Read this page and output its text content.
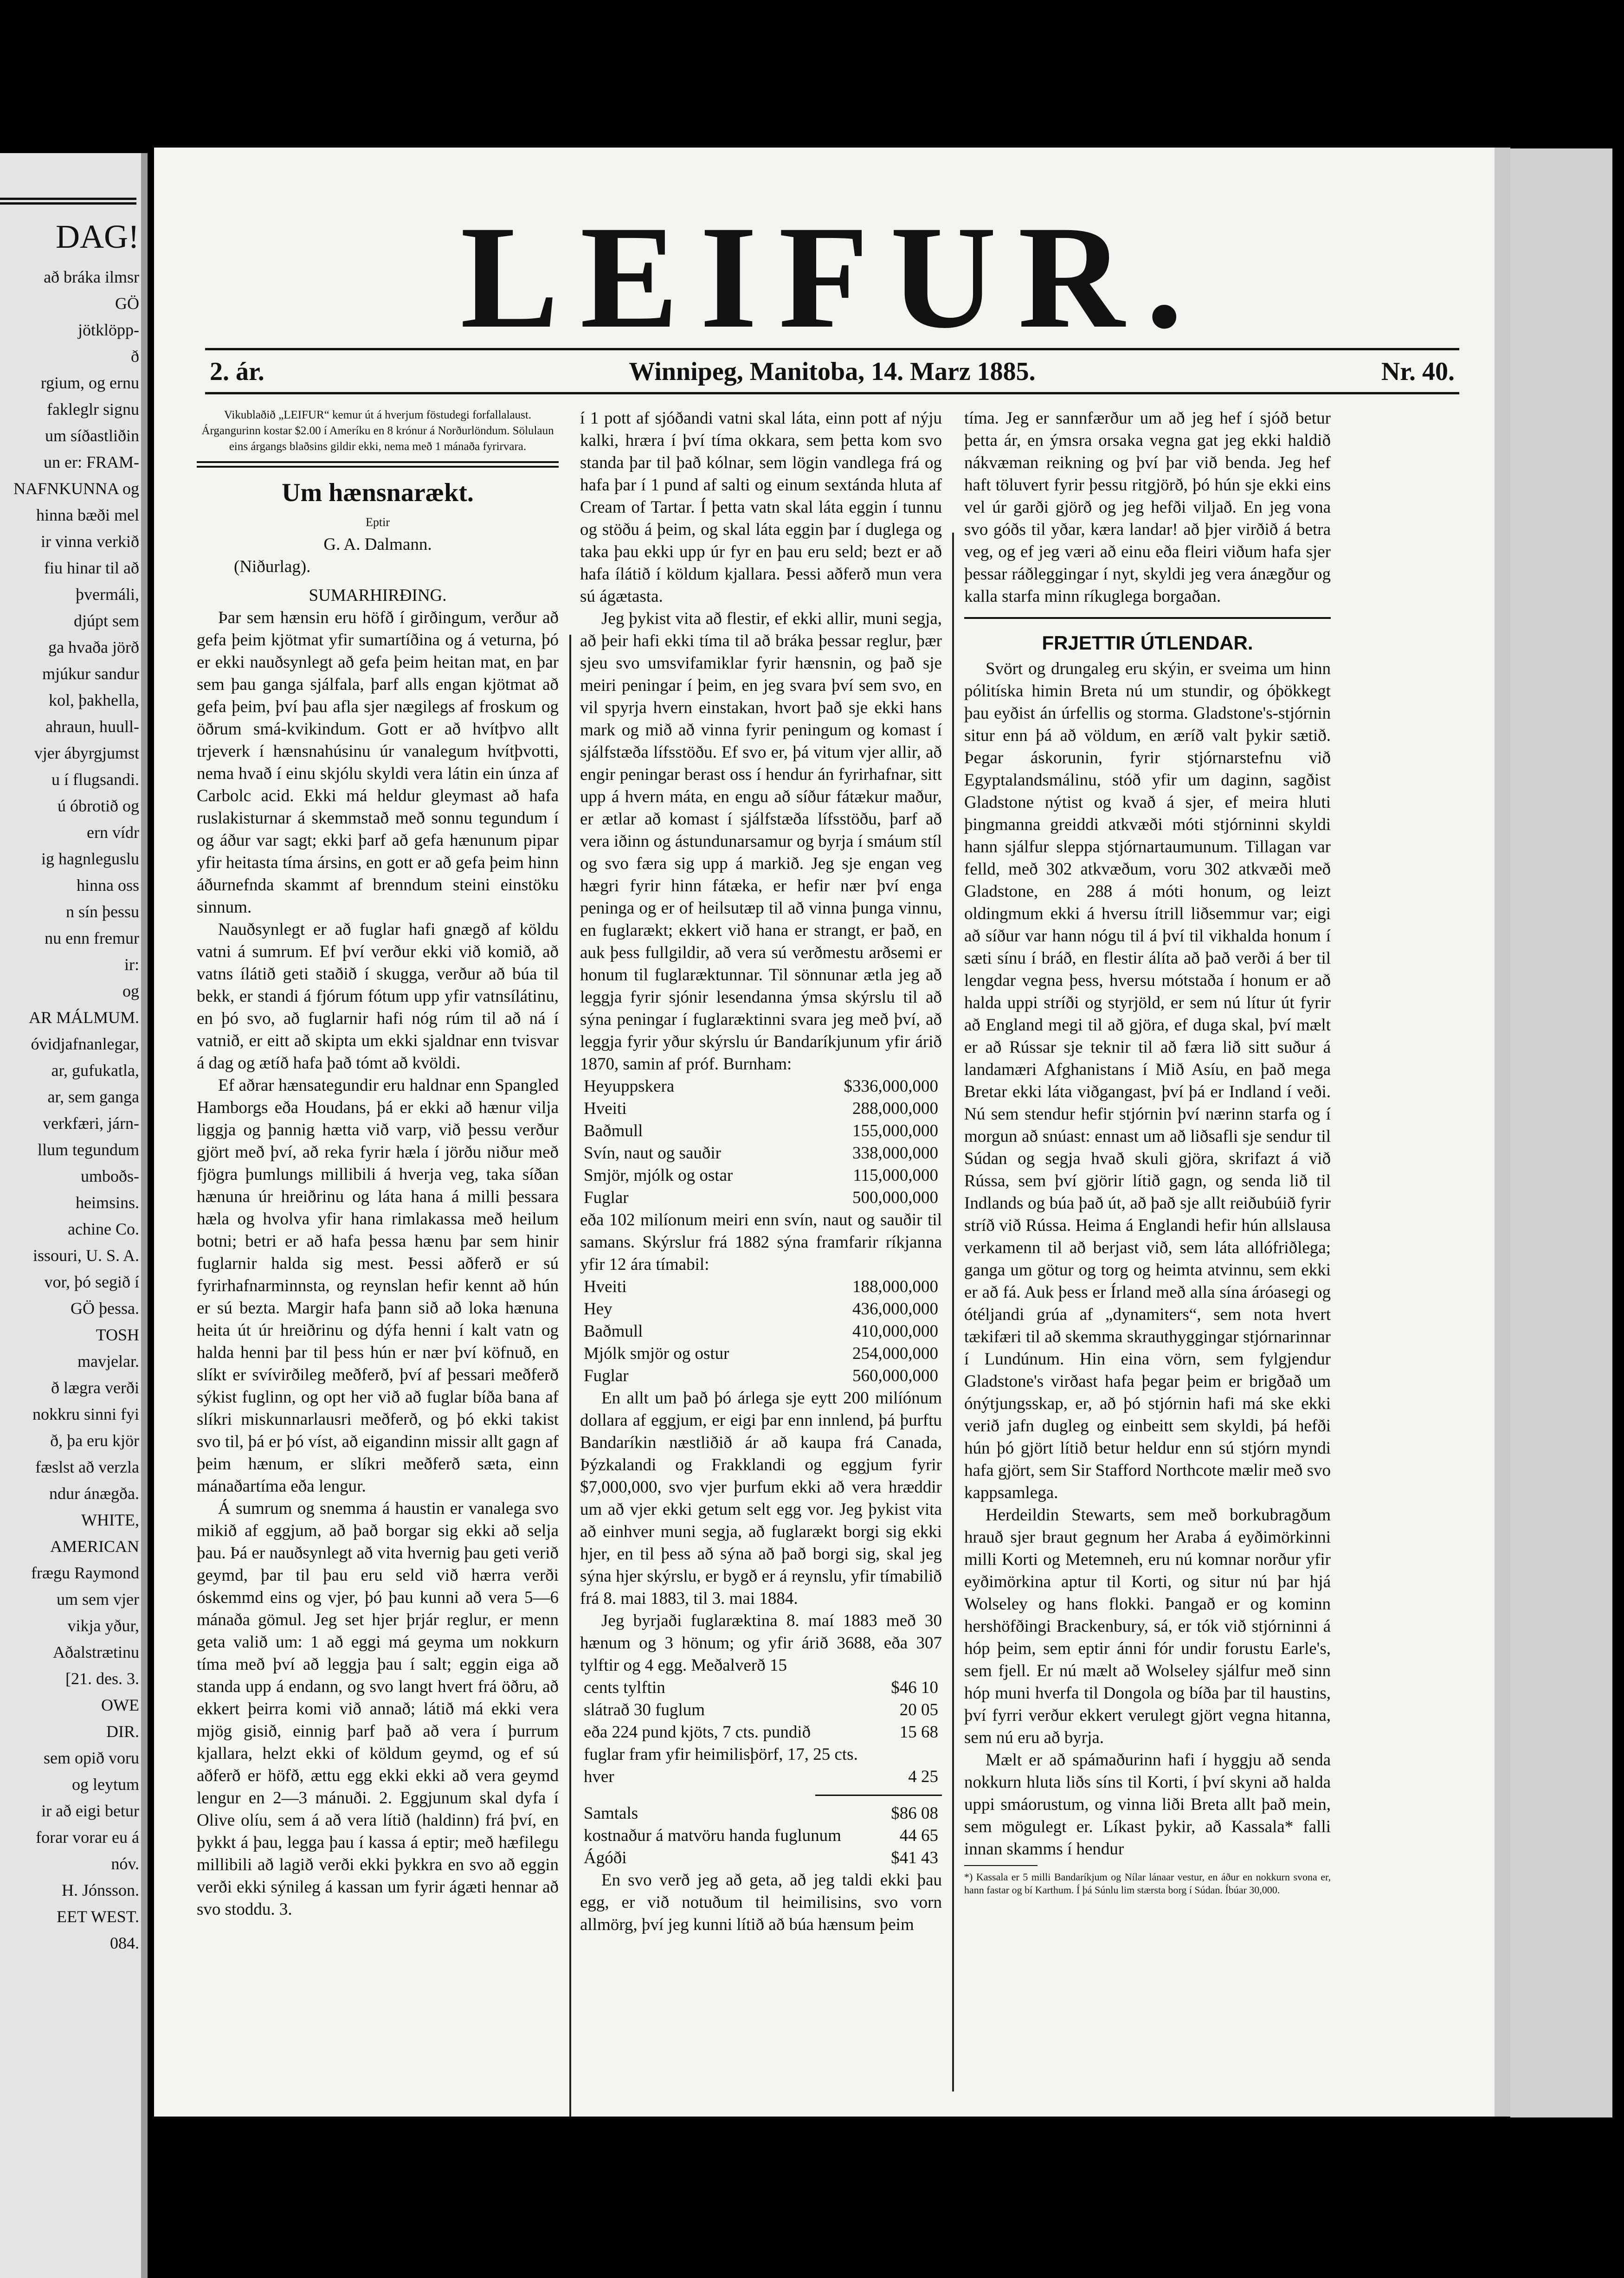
DAG!
að bráka ilmsr
GÖ
jötklöpp-
ð
rgium, og ernu
fakleglr signu
um síðastliðin
un er: FRAM-
NAFNKUNNA og
hinna bæði mel
ir vinna verkið
fiu hinar til að
þvermáli,
djúpt sem
ga hvaða jörð
mjúkur sandur
kol, þakhella,
ahraun, huull-
vjer ábyrgjumst
u í flugsandi.
ú óbrotið og
ern vídr
ig hagnleguslu
hinna oss
n sín þessu
nu enn fremur
ir:
og
AR MÁLMUM.
óvidjafnanlegar,
ar, gufukatla,
ar, sem ganga
verkfæri, járn-
llum tegundum
umboðs-
heimsins.
achine Co.
issouri, U. S. A.
vor, þó segið í
GÖ þessa.
TOSH
mavjelar.
ð lægra verði
nokkru sinni fyi
ð, þa eru kjör
fæslst að verzla
ndur ánægða.
WHITE,
AMERICAN
frægu Raymond
um sem vjer
vikja yður,
Aðalstrætinu
[21. des. 3.
OWE
DIR.
sem opið voru
og leytum
ir að eigi betur
forar vorar eu á
nóv.
H. Jónsson.
EET WEST.
084.
LEIFUR.
2. ár.	Winnipeg, Manitoba, 14. Marz 1885.	Nr. 40.

Vikublaðið „LEIFUR“ kemur út á hverjum föstudegi forfallalaust. Árgangurinn kostar $2.00 í Ameríku en 8 krónur á Norðurlöndum. Sölulaun eins árgangs blaðsins gildir ekki, nema með 1 mánaða fyrirvara.

Um hænsnarækt.

Eptir

G. A. Dalmann.

(Niðurlag).

SUMARHIRÐING.

Þar sem hænsin eru höfð í girðingum, verður að gefa þeim kjötmat yfir sumartíðina og á veturna, þó er ekki nauðsynlegt að gefa þeim heitan mat, en þar sem þau ganga sjálfala, þarf alls engan kjötmat að gefa þeim, því þau afla sjer nægilegs af froskum og öðrum smá-kvikindum. Gott er að hvítþvo allt trjeverk í hænsnahúsinu úr vanalegum hvítþvotti, nema hvað í einu skjólu skyldi vera látin ein únza af Carbolc acid. Ekki má heldur gleymast að hafa ruslakisturnar á skemmstað með sonnu tegundum í og áður var sagt; ekki þarf að gefa hænunum pipar yfir heitasta tíma ársins, en gott er að gefa þeim hinn áðurnefnda skammt af brenndum steini einstöku sinnum.

Nauðsynlegt er að fuglar hafi gnægð af köldu vatni á sumrum. Ef því verður ekki við komið, að vatns ílátið geti staðið í skugga, verður að búa til bekk, er standi á fjórum fótum upp yfir vatnsílátinu, en þó svo, að fuglarnir hafi nóg rúm til að ná í vatnið, er eitt að skipta um ekki sjaldnar enn tvisvar á dag og ætíð hafa það tómt að kvöldi.

Ef aðrar hænsategundir eru haldnar enn Spangled Hamborgs eða Houdans, þá er ekki að hænur vilja liggja og þannig hætta við varp, við þessu verður gjört með því, að reka fyrir hæla í jörðu niður með fjögra þumlungs millibili á hverja veg, taka síðan hænuna úr hreiðrinu og láta hana á milli þessara hæla og hvolva yfir hana rimlakassa með heilum botni; betri er að hafa þessa hænu þar sem hinir fuglarnir halda sig mest. Þessi aðferð er sú fyrirhafnarminnsta, og reynslan hefir kennt að hún er sú bezta. Margir hafa þann sið að loka hænuna heita út úr hreiðrinu og dýfa henni í kalt vatn og halda henni þar til þess hún er nær því köfnuð, en slíkt er svívirðileg meðferð, því af þessari meðferð sýkist fuglinn, og opt her við að fuglar bíða bana af slíkri miskunnarlausri meðferð, og þó ekki takist svo til, þá er þó víst, að eigandinn missir allt gagn af þeim hænum, er slíkri meðferð sæta, einn mánaðartíma eða lengur.

Á sumrum og snemma á haustin er vanalega svo mikið af eggjum, að það borgar sig ekki að selja þau. Þá er nauðsynlegt að vita hvernig þau geti verið geymd, þar til þau eru seld við hærra verði óskemmd eins og vjer, þó þau kunni að vera 5—6 mánaða gömul. Jeg set hjer þrjár reglur, er menn geta valið um: 1 að eggi má geyma um nokkurn tíma með því að leggja þau í salt; eggin eiga að standa upp á endann, og svo langt hvert frá öðru, að ekkert þeirra komi við annað; látið má ekki vera mjög gisið, einnig þarf það að vera í þurrum kjallara, helzt ekki of köldum geymd, og ef sú aðferð er höfð, ættu egg ekki ekki að vera geymd lengur en 2—3 mánuði. 2. Eggjunum skal dyfa í Olive olíu, sem á að vera lítið (haldinn) frá því, en þykkt á þau, legga þau í kassa á eptir; með hæfilegu millibili að lagið verði ekki þykkra en svo að eggin verði ekki sýnileg á kassan um fyrir ágæti hennar að svo stoddu. 3.

í 1 pott af sjóðandi vatni skal láta, einn pott af nýju kalki, hræra í því tíma okkara, sem þetta kom svo standa þar til það kólnar, sem lögin vandlega frá og hafa þar í 1 pund af salti og einum sextánda hluta af Cream of Tartar. Í þetta vatn skal láta eggin í tunnu og stöðu á þeim, og skal láta eggin þar í duglega og taka þau ekki upp úr fyr en þau eru seld; bezt er að hafa ílátið í köldum kjallara. Þessi aðferð mun vera sú ágætasta.

Jeg þykist vita að flestir, ef ekki allir, muni segja, að þeir hafi ekki tíma til að bráka þessar reglur, þær sjeu svo umsvifamiklar fyrir hænsnin, og það sje meiri peningar í þeim, en jeg svara því sem svo, en vil spyrja hvern einstakan, hvort það sje ekki hans mark og mið að vinna fyrir peningum og komast í sjálfstæða lífsstöðu. Ef svo er, þá vitum vjer allir, að engir peningar berast oss í hendur án fyrirhafnar, sitt upp á hvern máta, en engu að síður fátækur maður, er ætlar að komast í sjálfstæða lífsstöðu, þarf að vera iðinn og ástundunarsamur og byrja í smáum stíl og svo færa sig upp á markið. Jeg sje engan veg hægri fyrir hinn fátæka, er hefir nær því enga peninga og er of heilsutæp til að vinna þunga vinnu, en fuglarækt; ekkert við hana er strangt, er það, en auk þess fullgildir, að vera sú verðmestu arðsemi er honum til fuglaræktunnar. Til sönnunar ætla jeg að leggja fyrir sjónir lesendanna ýmsa skýrslu til að sýna peningar í fuglaræktinni svara jeg með því, að leggja fyrir yður skýrslu úr Bandaríkjunum yfir árið 1870, samin af próf. Burnham:

Heyuppskera	$336,000,000
Hveiti	288,000,000
Baðmull	155,000,000
Svín, naut og sauðir	338,000,000
Smjör, mjólk og ostar	115,000,000
Fuglar	500,000,000

eða 102 milíonum meiri enn svín, naut og sauðir til samans. Skýrslur frá 1882 sýna framfarir ríkjanna yfir 12 ára tímabil:

Hveiti	188,000,000
Hey	436,000,000
Baðmull	410,000,000
Mjólk smjör og ostur	254,000,000
Fuglar	560,000,000

En allt um það þó árlega sje eytt 200 milíónum dollara af eggjum, er eigi þar enn innlend, þá þurftu Bandaríkin næstliðið ár að kaupa frá Canada, Þýzkalandi og Frakklandi og eggjum fyrir $7,000,000, svo vjer þurfum ekki að vera hræddir um að vjer ekki getum selt egg vor. Jeg þykist vita að einhver muni segja, að fuglarækt borgi sig ekki hjer, en til þess að sýna að það borgi sig, skal jeg sýna hjer skýrslu, er bygð er á reynslu, yfir tímabilið frá 8. mai 1883, til 3. mai 1884.

Jeg byrjaði fuglaræktina 8. maí 1883 með 30 hænum og 3 hönum; og yfir árið 3688, eða 307 tylftir og 4 egg. Meðalverð 15

cents tylftin	$46 10
slátrað 30 fuglum	20 05
eða 224 pund kjöts, 7 cts. pundið	15 68
fuglar fram yfir heimilisþörf, 17, 25 cts.	
hver	4 25
Samtals	$86 08
kostnaður á matvöru handa fuglunum	44 65
Ágóði	$41 43

En svo verð jeg að geta, að jeg taldi ekki þau egg, er við notuðum til heimilisins, svo vorn allmörg, því jeg kunni lítið að búa hænsum þeim

tíma. Jeg er sannfærður um að jeg hef í sjóð betur þetta ár, en ýmsra orsaka vegna gat jeg ekki haldið nákvæman reikning og því þar við benda. Jeg hef haft töluvert fyrir þessu ritgjörð, þó hún sje ekki eins vel úr garði gjörð og jeg hefði viljað. En jeg vona svo góðs til yðar, kæra landar! að þjer virðið á betra veg, og ef jeg væri að einu eða fleiri viðum hafa sjer þessar ráðleggingar í nyt, skyldi jeg vera ánægður og kalla starfa minn ríkuglega borgaðan.

FRJETTIR ÚTLENDAR.

Svört og drungaleg eru skýin, er sveima um hinn pólitíska himin Breta nú um stundir, og óþökkegt þau eyðist án úrfellis og storma. Gladstone's-stjórnin situr enn þá að völdum, en æríð valt þykir sætið. Þegar áskorunin, fyrir stjórnarstefnu við Egyptalandsmálinu, stóð yfir um daginn, sagðist Gladstone nýtist og kvað á sjer, ef meira hluti þingmanna greiddi atkvæði móti stjórninni skyldi hann sjálfur sleppa stjórnartaumunum. Tillagan var felld, með 302 atkvæðum, voru 302 atkvæði með Gladstone, en 288 á móti honum, og leizt oldingmum ekki á hversu ítrill liðsemmur var; eigi að síður var hann nógu til á því til vikhalda honum í sæti sínu í bráð, en flestir álíta að það verði á ber til lengdar vegna þess, hversu mótstaða í honum er að halda uppi stríði og styrjöld, er sem nú lítur út fyrir að England megi til að gjöra, ef duga skal, því mælt er að Rússar sje teknir til að færa lið sitt suður á landamæri Afghanistans í Mið Asíu, en það mega Bretar ekki láta viðgangast, því þá er Indland í veði. Nú sem stendur hefir stjórnin því nærinn starfa og í morgun að snúast: ennast um að liðsafli sje sendur til Súdan og segja hvað skuli gjöra, skrifazt á við Rússa, sem því gjörir lítið gagn, og senda lið til Indlands og búa það út, að það sje allt reiðubúið fyrir stríð við Rússa. Heima á Englandi hefir hún allslausa verkamenn til að berjast við, sem láta allófriðlega; ganga um götur og torg og heimta atvinnu, sem ekki er að fá. Auk þess er Írland með alla sína áróasegi og ótéljandi grúa af „dynamiters“, sem nota hvert tækifæri til að skemma skrauthyggingar stjórnarinnar í Lundúnum. Hin eina vörn, sem fylgjendur Gladstone's virðast hafa þegar þeim er brigðað um ónýtjungsskap, er, að þó stjórnin hafi má ske ekki verið jafn dugleg og einbeitt sem skyldi, þá hefði hún þó gjört lítið betur heldur enn sú stjórn myndi hafa gjört, sem Sir Stafford Northcote mælir með svo kappsamlega.

Herdeildin Stewarts, sem með borkubragðum hrauð sjer braut gegnum her Araba á eyðimörkinni milli Korti og Metemneh, eru nú komnar norður yfir eyðimörkina aptur til Korti, og situr nú þar hjá Wolseley og hans flokki. Þangað er og kominn hershöfðingi Brackenbury, sá, er tók við stjórninni á hóp þeim, sem eptir ánni fór undir forustu Earle's, sem fjell. Er nú mælt að Wolseley sjálfur með sinn hóp muni hverfa til Dongola og bíða þar til haustins, því fyrri verður ekkert verulegt gjört vegna hitanna, sem nú eru að byrja.

Mælt er að spámaðurinn hafi í hyggju að senda nokkurn hluta liðs síns til Korti, í því skyni að halda uppi smáorustum, og vinna liði Breta allt það mein, sem mögulegt er. Líkast þykir, að Kassala* falli innan skamms í hendur

*) Kassala er 5 milli Bandaríkjum og Nílar lánaar vestur, en áður en nokkurn svona er, hann fastar og bí Karthum. Í þá Súnlu lim stærsta borg í Súdan. Íbúar 30,000.
